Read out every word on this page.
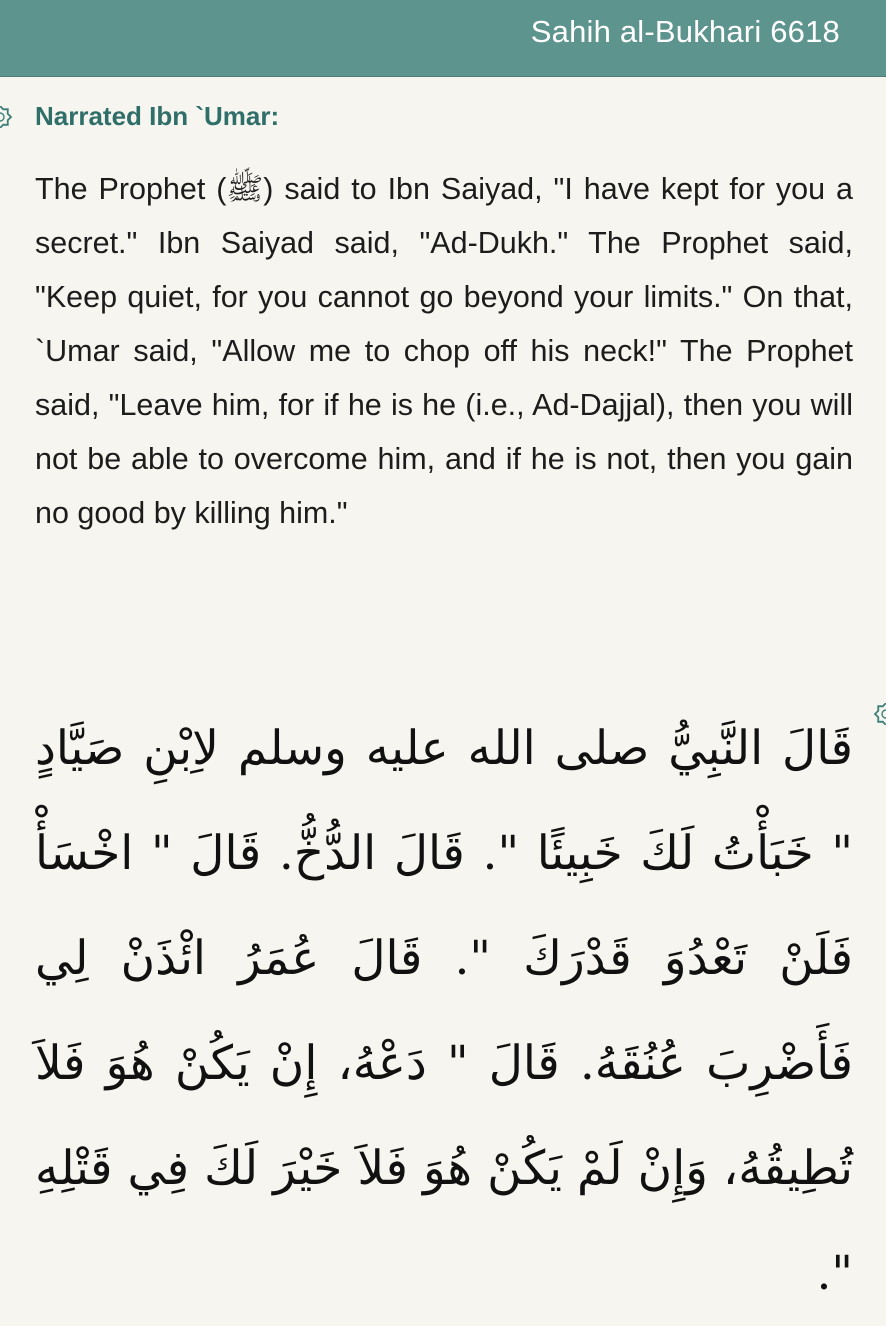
Sahih al-Bukhari 6618
Narrated Ibn `Umar:

The Prophet (ﷺ) said to Ibn Saiyad, "I have kept for you a secret." Ibn Saiyad said, "Ad-Dukh." The Prophet said, "Keep quiet, for you cannot go beyond your limits." On that, `Umar said, "Allow me to chop off his neck!" The Prophet said, "Leave him, for if he is he (i.e., Ad-Dajjal), then you will not be able to overcome him, and if he is not, then you gain no good by killing him."

قَالَ النَّبِيُّ صلى الله عليه وسلم لاِبْنِ صَيَّادٍ " خَبَأْتُ لَكَ خَبِيئًا ". قَالَ الدُّخُّ. قَالَ " اخْسَأْ فَلَنْ تَعْدُوَ قَدْرَكَ ". قَالَ عُمَرُ ائْذَنْ لِي فَأَضْرِبَ عُنُقَهُ. قَالَ " دَعْهُ، إِنْ يَكُنْ هُوَ فَلاَ تُطِيقُهُ، وَإِنْ لَمْ يَكُنْ هُوَ فَلاَ خَيْرَ لَكَ فِي قَتْلِهِ ".
